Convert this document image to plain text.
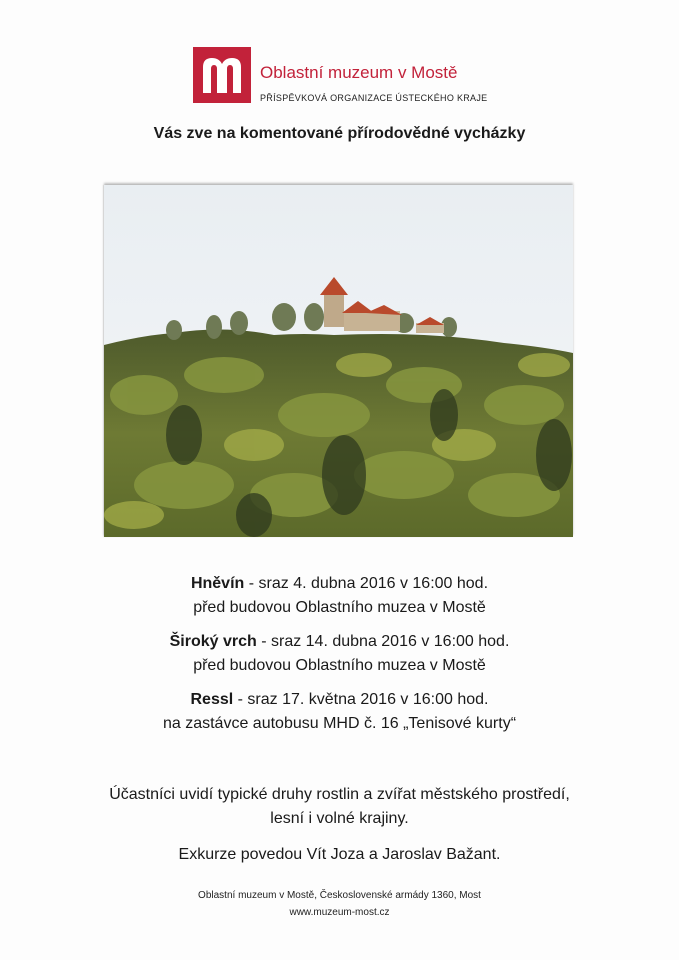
Oblastní muzeum v Mostě
PŘÍSPĚVKOVÁ ORGANIZACE ÚSTECKÉHO KRAJE
Vás zve na komentované přírodovědné vycházky
Hněvín - sraz 4. dubna 2016 v 16:00 hod.
před budovou Oblastního muzea v Mostě
Široký vrch - sraz 14. dubna 2016 v 16:00 hod.
před budovou Oblastního muzea v Mostě
Ressl - sraz 17. května 2016 v 16:00 hod.
na zastávce autobusu MHD č. 16 „Tenisové kurty“
Účastníci uvidí typické druhy rostlin a zvířat městského prostředí,
lesní i volné krajiny.
Exkurze povedou Vít Joza a Jaroslav Bažant.
Oblastní muzeum v Mostě, Československé armády 1360, Most
www.muzeum-most.cz
